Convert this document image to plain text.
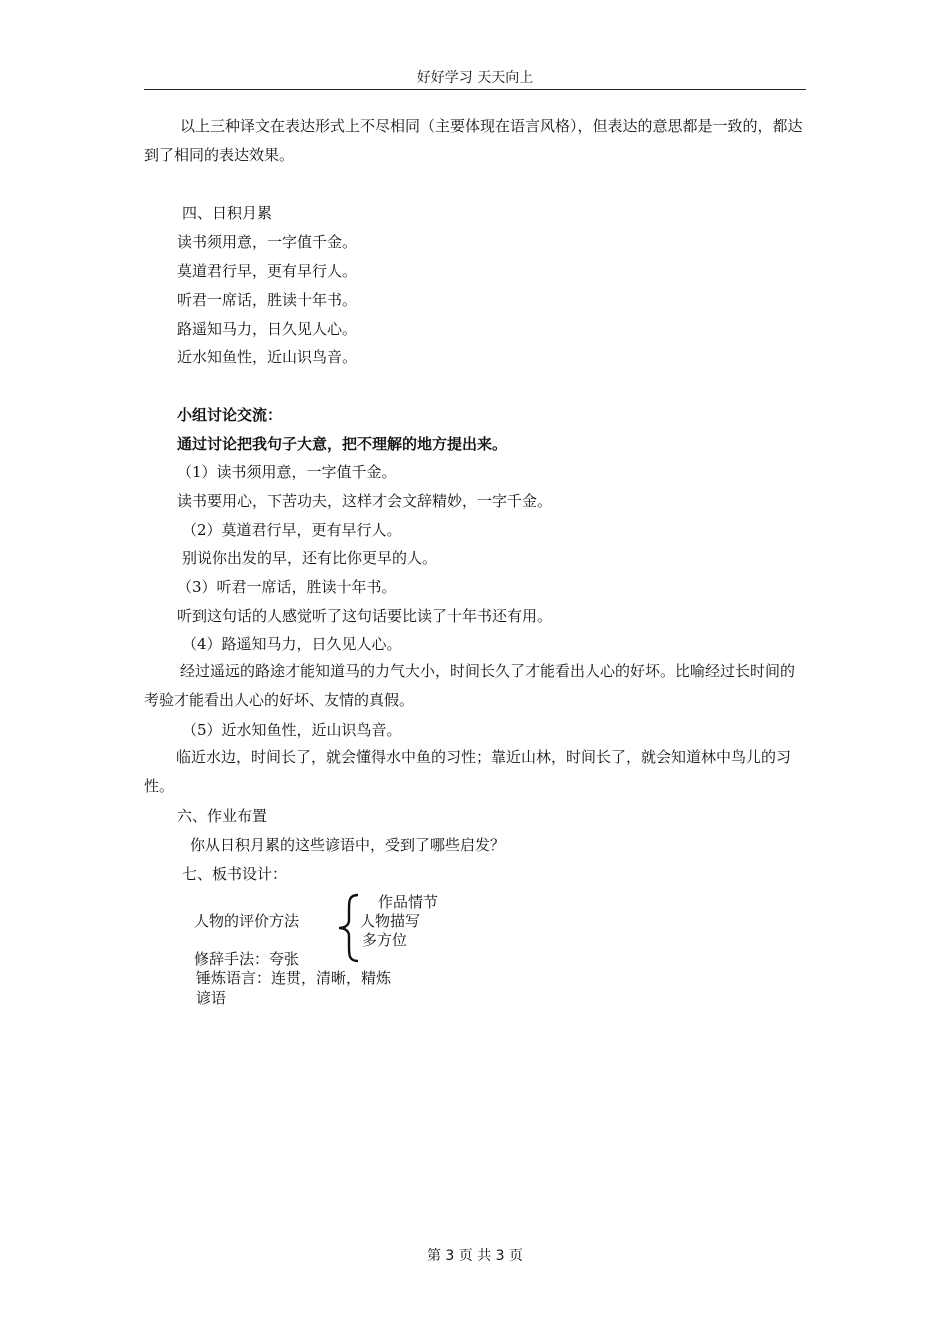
好好学习 天天向上
以上三种译文在表达形式上不尽相同（主要体现在语言风格），但表达的意思都是一致的，都达到了相同的表达效果。
四、日积月累
读书须用意，一字值千金。
莫道君行早，更有早行人。
听君一席话，胜读十年书。
路遥知马力，日久见人心。
近水知鱼性，近山识鸟音。
小组讨论交流：
通过讨论把我句子大意，把不理解的地方提出来。
（1）读书须用意，一字值千金。
读书要用心，下苦功夫，这样才会文辞精妙，一字千金。
（2）莫道君行早，更有早行人。
别说你出发的早，还有比你更早的人。
（3）听君一席话，胜读十年书。
听到这句话的人感觉听了这句话要比读了十年书还有用。
（4）路遥知马力，日久见人心。
经过遥远的路途才能知道马的力气大小，时间长久了才能看出人心的好坏。比喻经过长时间的考验才能看出人心的好坏、友情的真假。
（5）近水知鱼性，近山识鸟音。
临近水边，时间长了，就会懂得水中鱼的习性；靠近山林，时间长了，就会知道林中鸟儿的习性。
六、作业布置
你从日积月累的这些谚语中，受到了哪些启发？
七、板书设计：
人物的评价方法
作品情节
人物描写
多方位
修辞手法：夸张
锤炼语言：连贯，清晰，精炼
谚语
第 3 页 共 3 页
